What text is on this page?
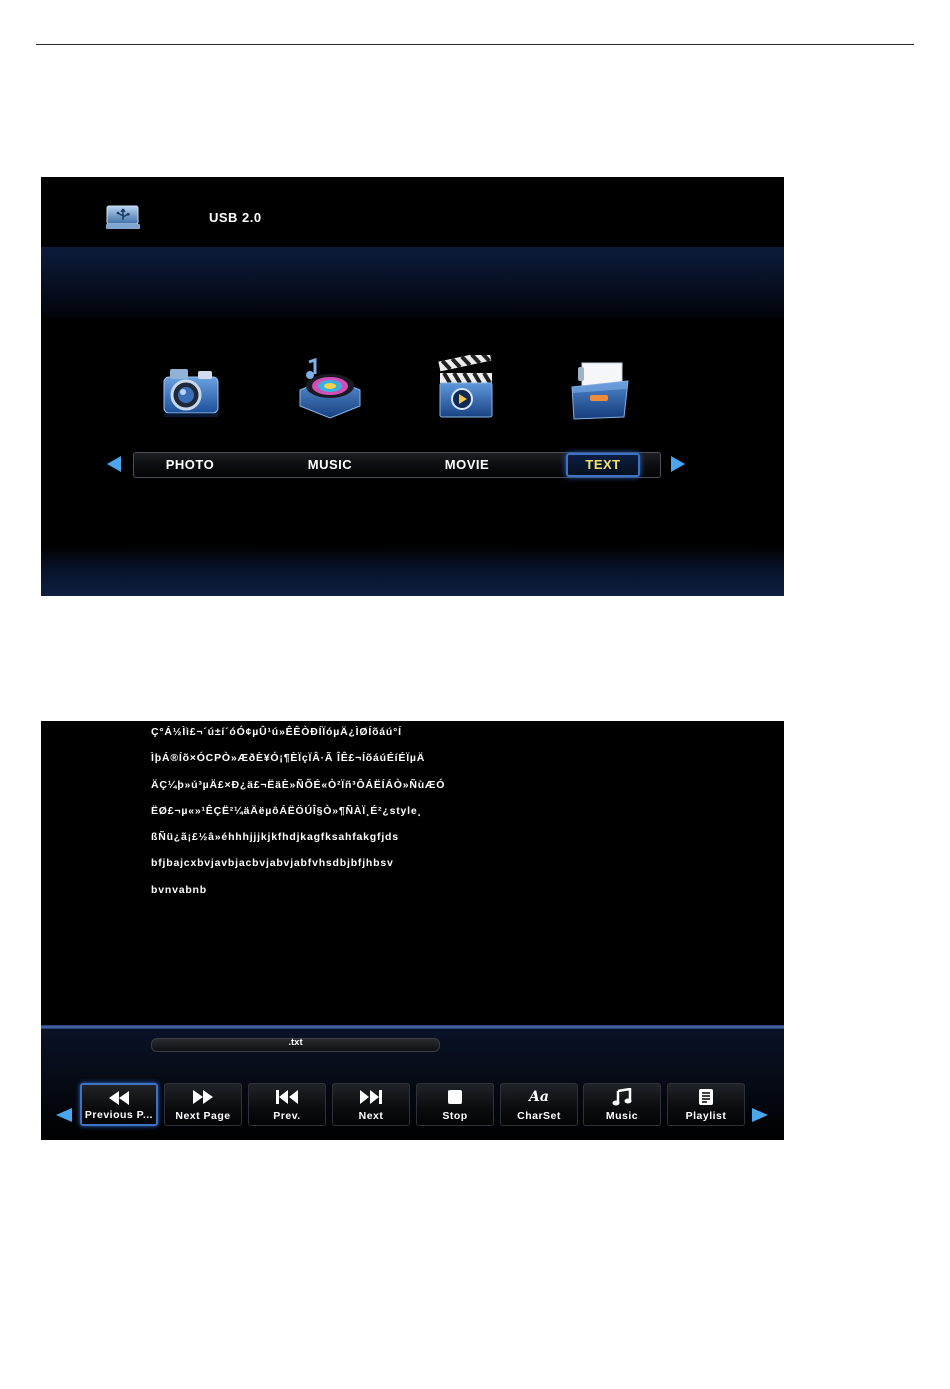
USB 2.0
PHOTO	MUSIC	MOVIE	TEXT
Ç°Á½Ìì£¬´ú±í´óÓ¢µÛ¹ú»ÊÊÒÐÍÏóµÄ¿ÌØÍõáú°Í
ÌþÁ®Íõ×ÓCPÒ»ÆðÈ¥Ó¡¶ÈÏçÏÂ·Ã ÎÊ£¬ÍõáúÉíÉÏµÄ
ÄÇ¼þ»ú³µÄ£×Ð¿ä£¬ËäÈ»ÑÕÉ«Ò²Ïñ³ÔÁËÍÁÒ»ÑùÆÓ
ËØ£¬µ«»¹ÊÇË²¼äÄëµôÁËÖÚÎ§Ò»¶ÑÀÏ¸É²¿style¸
ßÑü¿ã¡£½â»éhhhjjjkjkfhdjkagfksahfakgfjds
bfjbajcxbvjavbjacbvjabvjabfvhsdbjbfjhbsv
bvnvabnb
.txt
Previous P...	Next Page	Prev.	Next	Stop
Aa
CharSet	Music	Playlist
